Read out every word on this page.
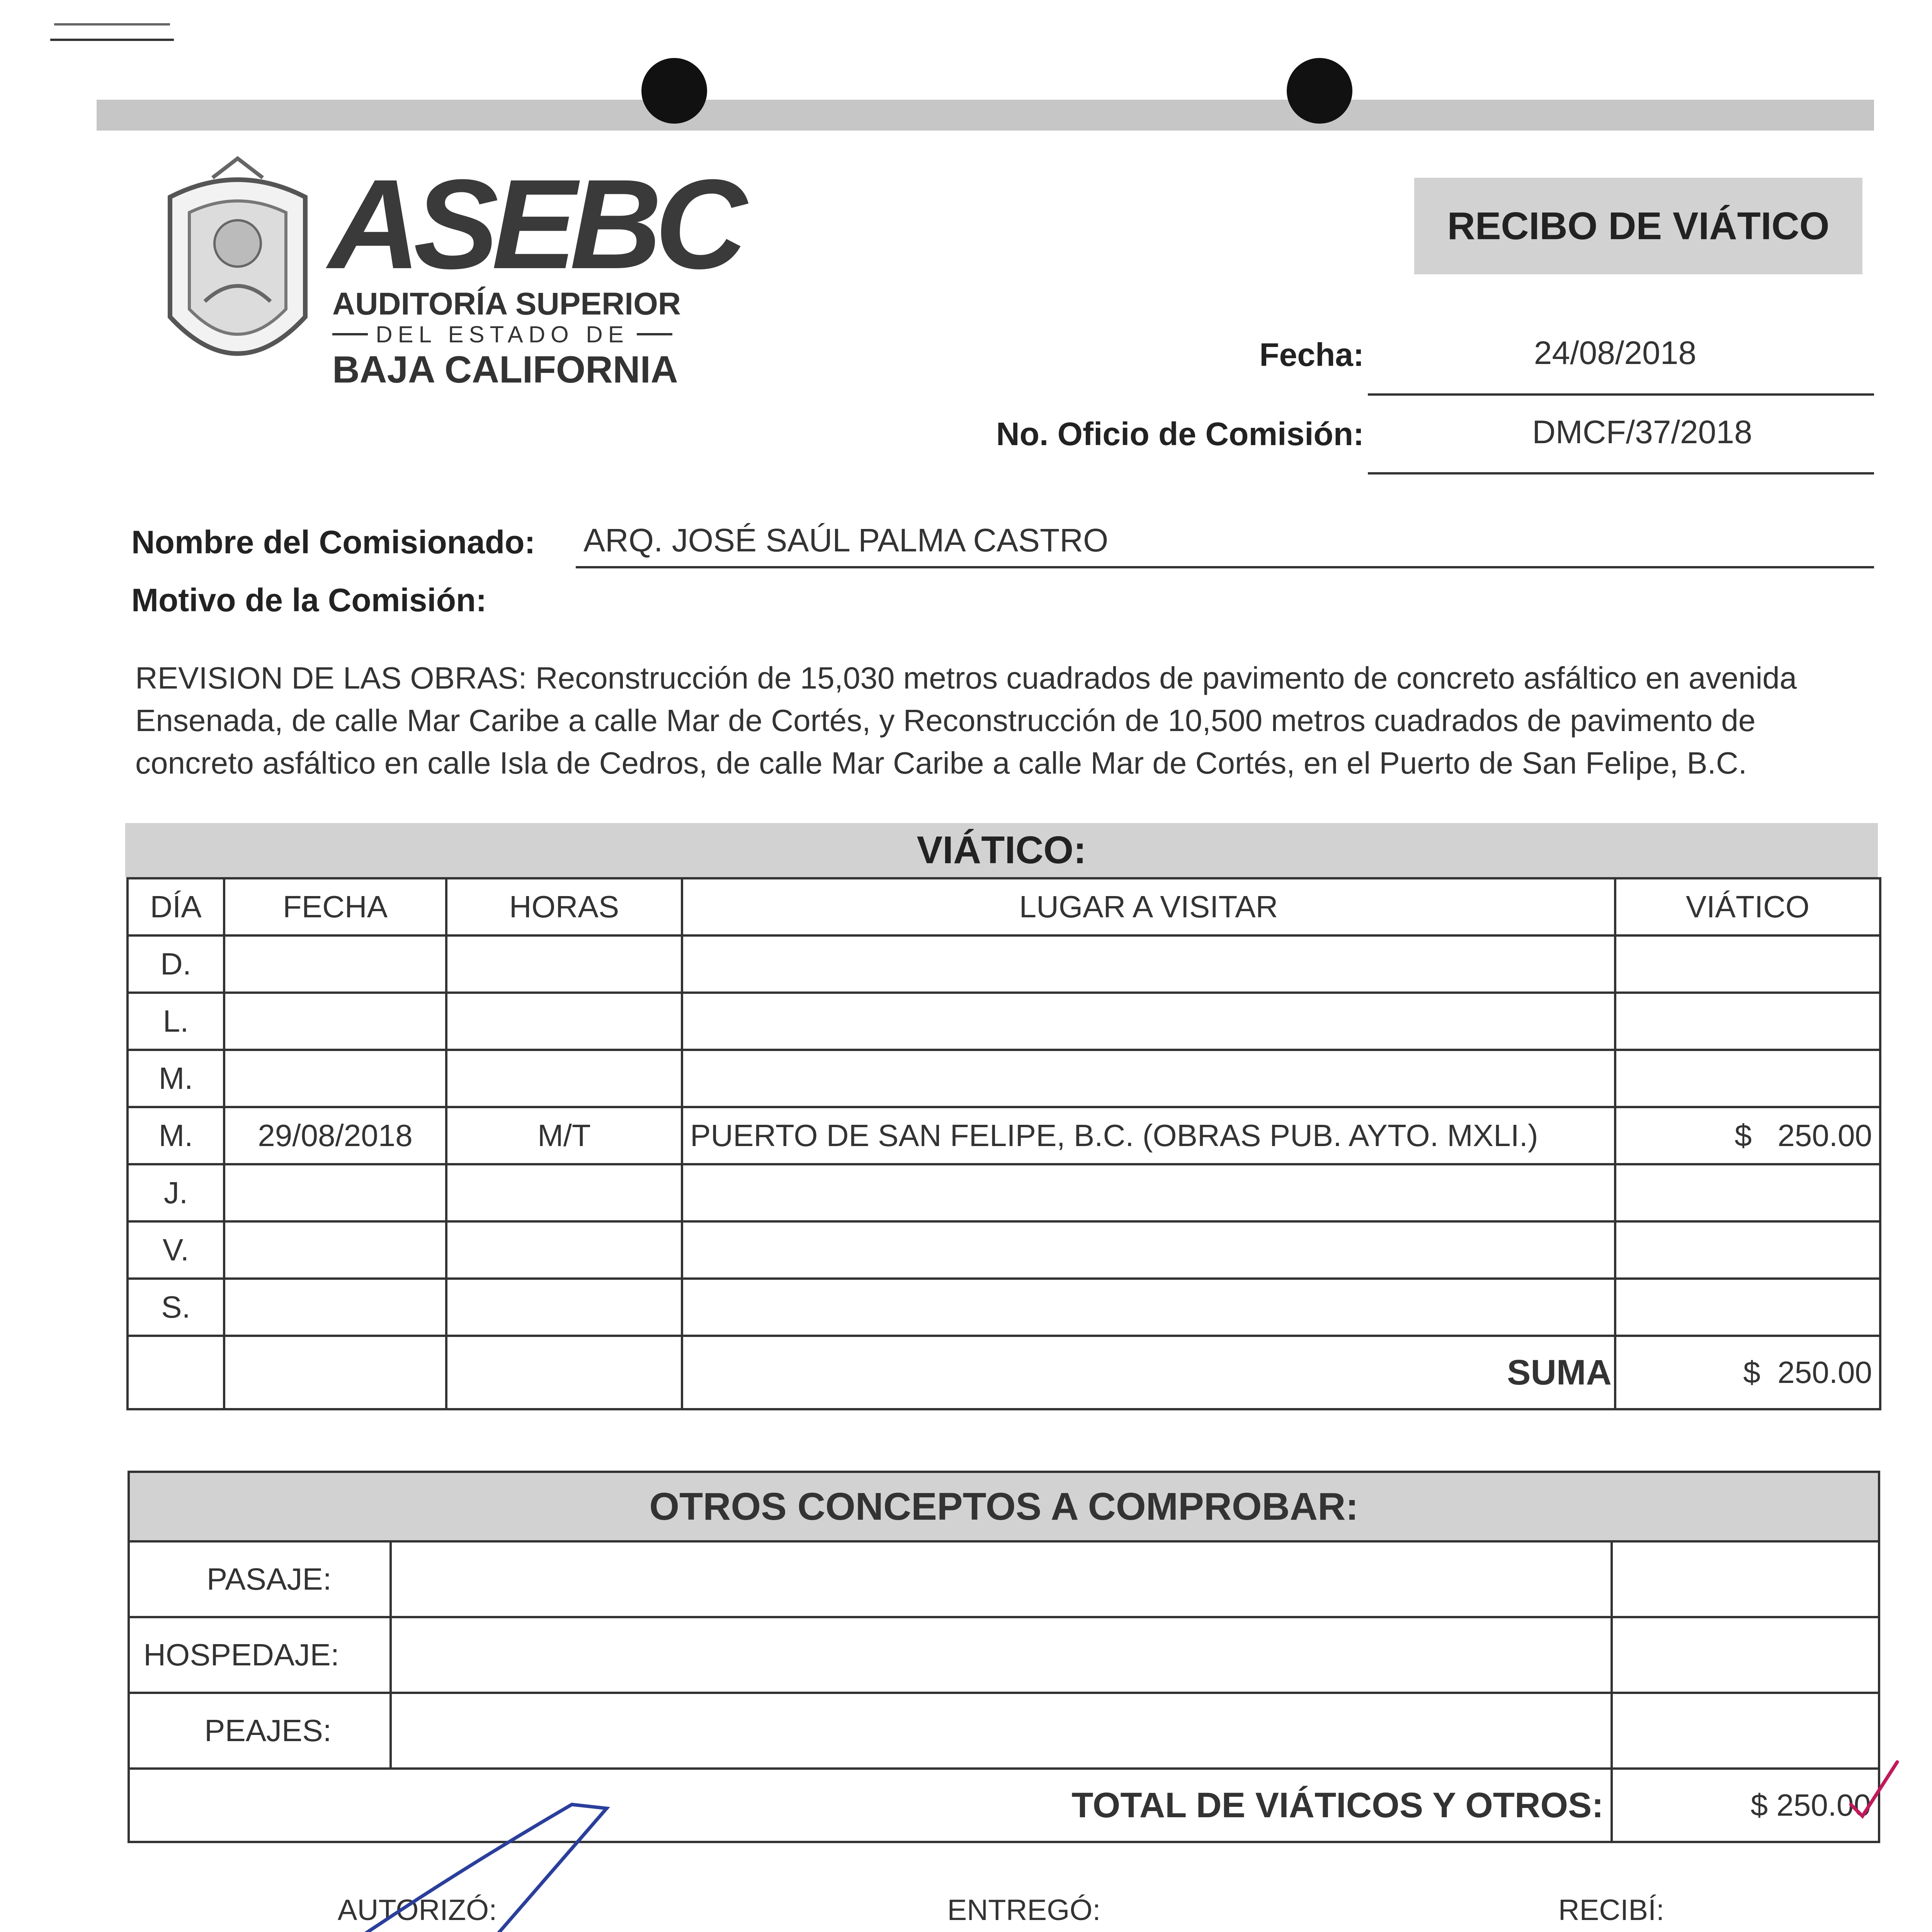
ASEBC
AUDITORÍA SUPERIOR
DEL ESTADO DE
BAJA CALIFORNIA
RECIBO DE VIÁTICO
Fecha:	24/08/2018
No. Oficio de Comisión:	DMCF/37/2018
Nombre del Comisionado: ARQ. JOSÉ SAÚL PALMA CASTRO
Motivo de la Comisión:
REVISION DE LAS OBRAS: Reconstrucción de 15,030 metros cuadrados de pavimento de concreto asfáltico en avenida
Ensenada, de calle Mar Caribe a calle Mar de Cortés, y Reconstrucción de 10,500 metros cuadrados de pavimento de
concreto asfáltico en calle Isla de Cedros, de calle Mar Caribe a calle Mar de Cortés, en el Puerto de San Felipe, B.C.
VIÁTICO:
DÍA	FECHA	HORAS	LUGAR A VISITAR	VIÁTICO
D.				
L.				
M.				
M.	29/08/2018	M/T	PUERTO DE SAN FELIPE, B.C. (OBRAS PUB. AYTO. MXLI.)	$   250.00
J.				
V.				
S.				
			SUMA	$  250.00
OTROS CONCEPTOS A COMPROBAR:		
PASAJE:		
HOSPEDAJE:		
PEAJES:		
TOTAL DE VIÁTICOS Y OTROS:		$ 250.00
AUTORIZÓ:	ENTREGÓ:	RECIBÍ:
